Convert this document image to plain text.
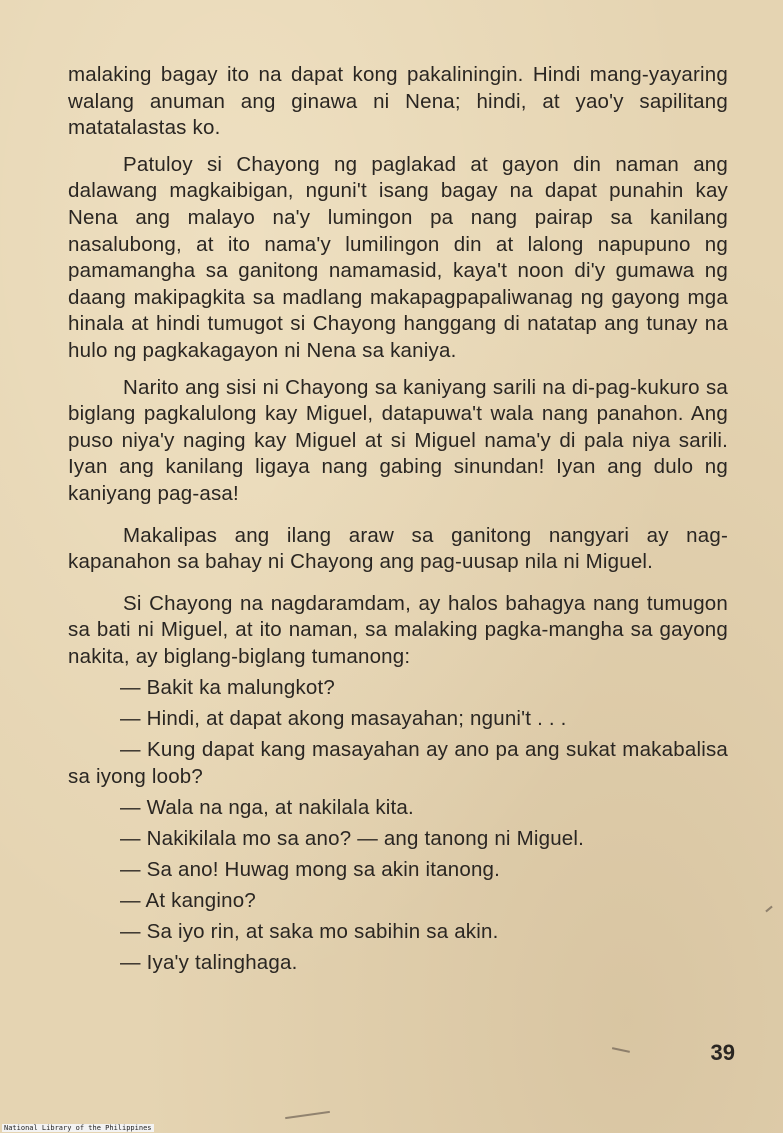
malaking bagay ito na dapat kong pakaliningin. Hindi mang-yayaring walang anuman ang ginawa ni Nena; hindi, at yao'y sapilitang matatalastas ko.

Patuloy si Chayong ng paglakad at gayon din naman ang dalawang magkaibigan, nguni't isang bagay na dapat punahin kay Nena ang malayo na'y lumingon pa nang pairap sa kanilang nasalubong, at ito nama'y lumilingon din at lalong napupuno ng pamamangha sa ganitong namamasid, kaya't noon di'y gumawa ng daang makipagkita sa madlang makapagpapaliwanag ng gayong mga hinala at hindi tumugot si Chayong hanggang di natatap ang tunay na hulo ng pagkakagayon ni Nena sa kaniya.

Narito ang sisi ni Chayong sa kaniyang sarili na di-pag-kukuro sa biglang pagkalulong kay Miguel, datapuwa't wala nang panahon. Ang puso niya'y naging kay Miguel at si Miguel nama'y di pala niya sarili. Iyan ang kanilang ligaya nang gabing sinundan! Iyan ang dulo ng kaniyang pag-asa!

Makalipas ang ilang araw sa ganitong nangyari ay nag-kapanahon sa bahay ni Chayong ang pag-uusap nila ni Miguel.

Si Chayong na nagdaramdam, ay halos bahagya nang tumugon sa bati ni Miguel, at ito naman, sa malaking pagka-mangha sa gayong nakita, ay biglang-biglang tumanong:

— Bakit ka malungkot?

— Hindi, at dapat akong masayahan; nguni't . . .

— Kung dapat kang masayahan ay ano pa ang sukat makabalisa sa iyong loob?

— Wala na nga, at nakilala kita.

— Nakikilala mo sa ano? — ang tanong ni Miguel.

— Sa ano! Huwag mong sa akin itanong.

— At kangino?

— Sa iyo rin, at saka mo sabihin sa akin.

— Iya'y talinghaga.

39
National Library of the Philippines
